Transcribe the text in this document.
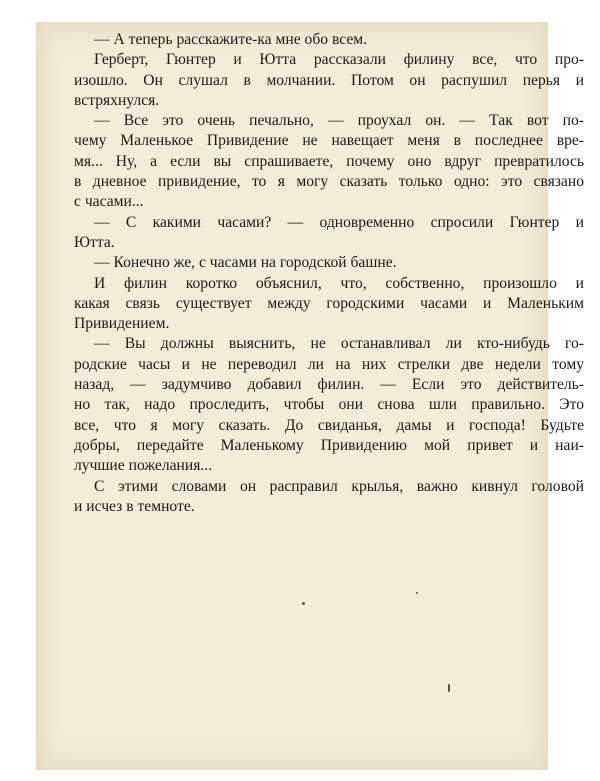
— А теперь расскажите-ка мне обо всем.
Герберт, Гюнтер и Ютта рассказали филину все, что про-
изошло. Он слушал в молчании. Потом он распушил перья и
встряхнулся.
— Все это очень печально, — проухал он. — Так вот по-
чему Маленькое Привидение не навещает меня в последнее вре-
мя... Ну, а если вы спрашиваете, почему оно вдруг превратилось
в дневное привидение, то я могу сказать только одно: это связано
с часами...
— С какими часами? — одновременно спросили Гюнтер и
Ютта.
— Конечно же, с часами на городской башне.
И филин коротко объяснил, что, собственно, произошло и
какая связь существует между городскими часами и Маленьким
Привидением.
— Вы должны выяснить, не останавливал ли кто-нибудь го-
родские часы и не переводил ли на них стрелки две недели тому
назад, — задумчиво добавил филин. — Если это действитель-
но так, надо проследить, чтобы они снова шли правильно. Это
все, что я могу сказать. До свиданья, дамы и господа! Будьте
добры, передайте Маленькому Привидению мой привет и наи-
лучшие пожелания...
С этими словами он расправил крылья, важно кивнул головой
и исчез в темноте.
